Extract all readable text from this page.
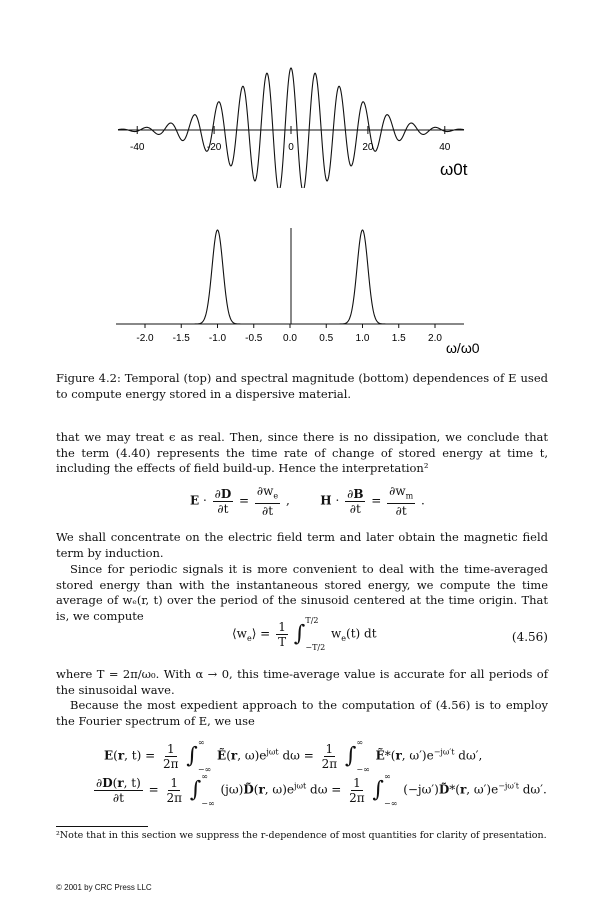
-40	-20	0	20	40
ω0t
-2.0 -1.5 -1.0 -0.5 0.0 0.5 1.0 1.5 2.0
ω/ω0
Figure 4.2: Temporal (top) and spectral magnitude (bottom) dependences of E used to compute energy stored in a dispersive material.
that we may treat ϵ as real. Then, since there is no dissipation, we conclude that the term (4.40) represents the time rate of change of stored energy at time t, including the effects of field build-up. Hence the interpretation²
$E \cdot \frac{\partial D}{\partial t} = \frac{\partial w_e}{\partial t}$ ,        $H \cdot \frac{\partial B}{\partial t} = \frac{\partial w_m}{\partial t}$ .
We shall concentrate on the electric field term and later obtain the magnetic field term by induction.
Since for periodic signals it is more convenient to deal with the time-averaged stored energy than with the instantaneous stored energy, we compute the time average of wₑ(r, t) over the period of the sinusoid centered at the time origin. That is, we compute
$⟨w_e⟩ = \frac{1}{T}$ ∫
T/2
−T/2
$w_e(t)$ dt	(4.56)
where T = 2π/ω₀. With α → 0, this time-average value is accurate for all periods of the sinusoidal wave.
Because the most expedient approach to the computation of (4.56) is to employ the Fourier spectrum of E, we use
E(r, $t) = \frac{1}{2\pi}$ ∫
∞
−∞
Ẽ(r, $\omega)e^{j\omega t}$ $d\omega = \frac{1}{2\pi}$ ∫
∞
−∞
Ẽ*(r, $\omega')e^{-j\omega't}$ dω′,
$\frac{\partial D(r, t)}{\partial t} = \frac{1}{2\pi}$ ∫
∞
−∞
(jω)D̃(r, $\omega)e^{j\omega t}$ $d\omega = \frac{1}{2\pi}$ ∫
∞
−∞
(−jω′)D̃*(r, $\omega')e^{-j\omega't}$ dω′.
²Note that in this section we suppress the r-dependence of most quantities for clarity of presentation.
© 2001 by CRC Press LLC
